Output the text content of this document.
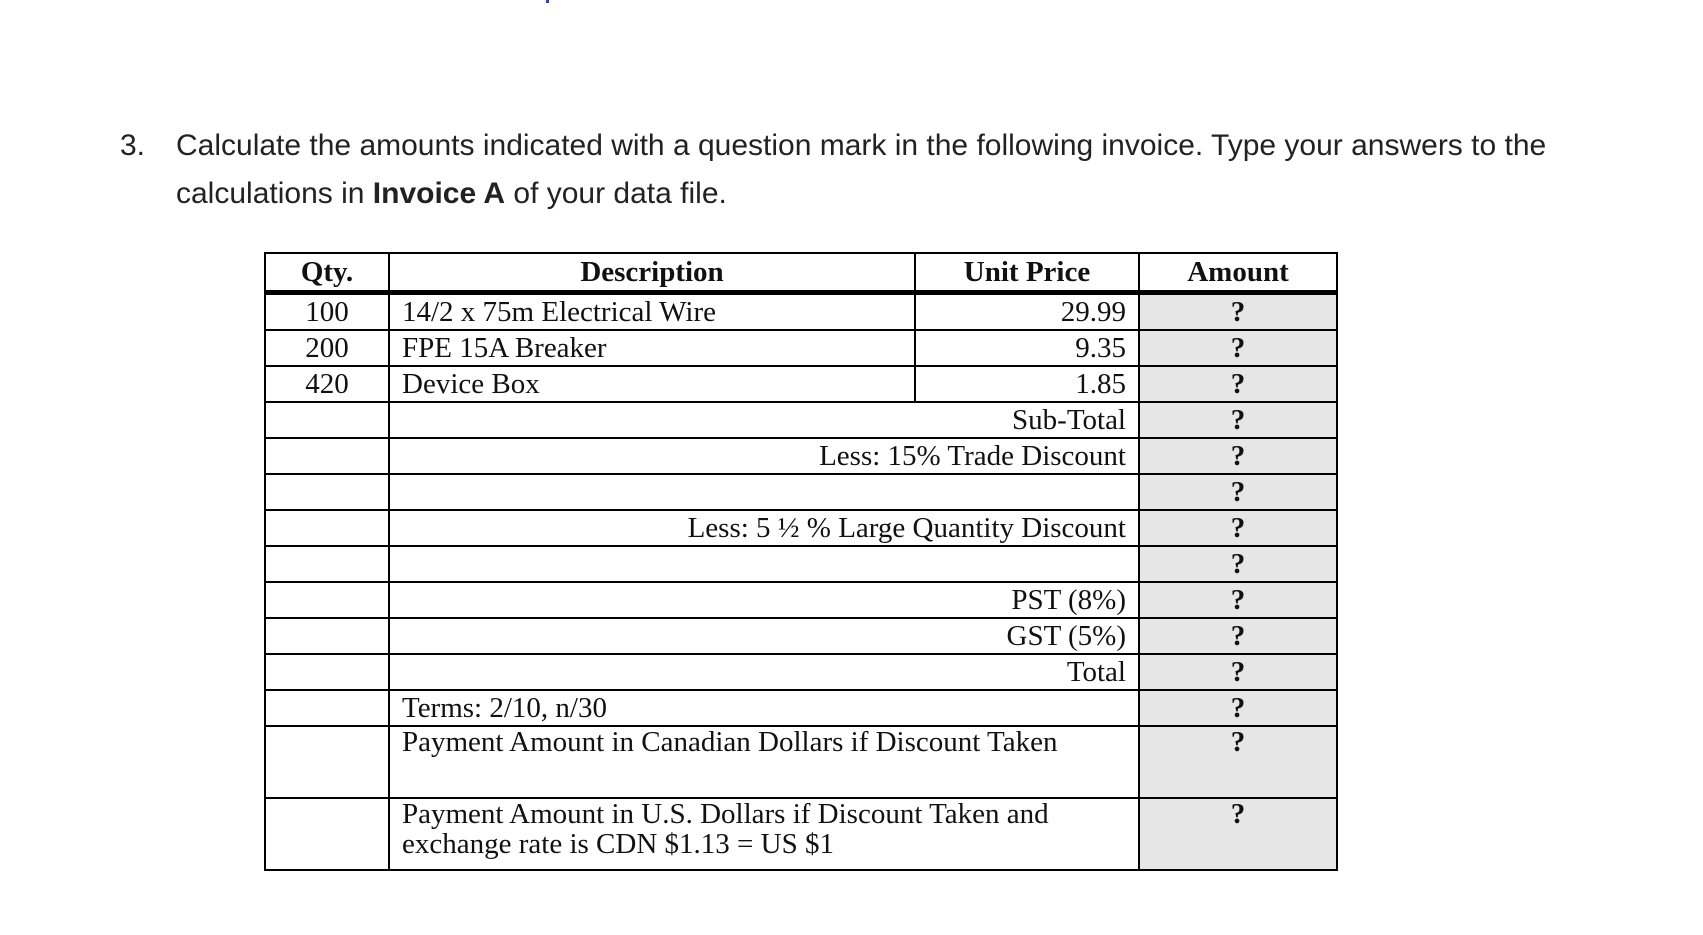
3. Calculate the amounts indicated with a question mark in the following invoice. Type your answers to the calculations in Invoice A of your data file.
Qty.	Description	Unit Price	Amount
100	14/2 x 75m Electrical Wire	29.99	?
200	FPE 15A Breaker	9.35	?
420	Device Box	1.85	?
	Sub-Total		?
	Less: 15% Trade Discount		?
			?
	Less: 5 ½ % Large Quantity Discount		?
			?
	PST (8%)		?
	GST (5%)		?
	Total		?
	Terms: 2/10, n/30		?
	Payment Amount in Canadian Dollars if Discount Taken		?
	Payment Amount in U.S. Dollars if Discount Taken and exchange rate is CDN $1.13 = US $1		?
